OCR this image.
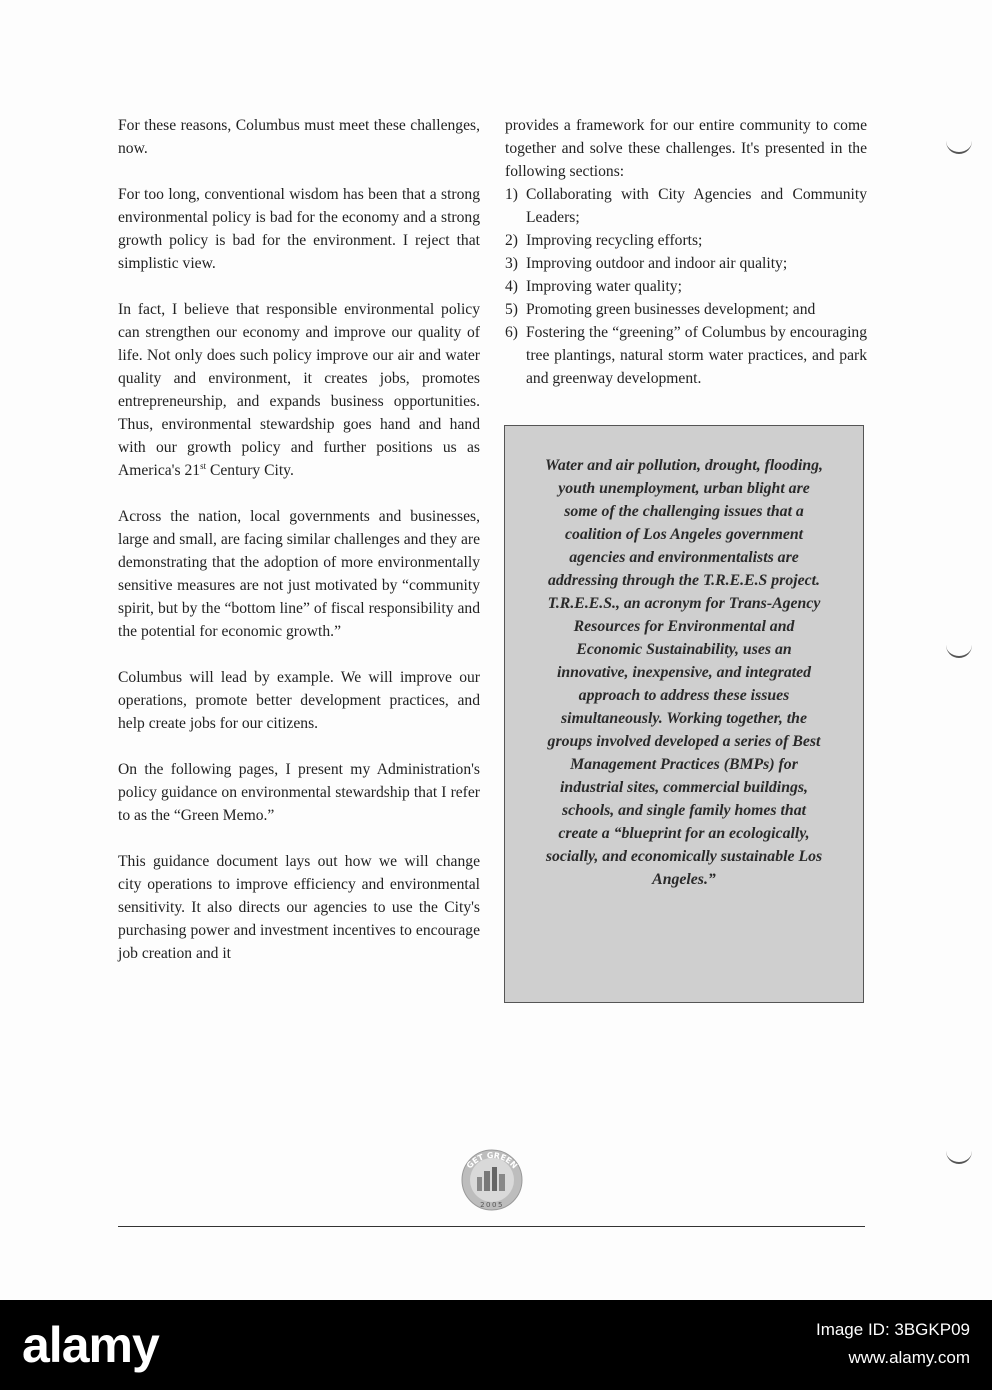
For these reasons, Columbus must meet these challenges, now.

For too long, conventional wisdom has been that a strong environmental policy is bad for the economy and a strong growth policy is bad for the environment. I reject that simplistic view.

In fact, I believe that responsible environmental policy can strengthen our economy and improve our quality of life. Not only does such policy improve our air and water quality and environment, it creates jobs, promotes entrepreneurship, and expands business opportunities. Thus, environmental stewardship goes hand and hand with our growth policy and further positions us as America's 21st Century City.

Across the nation, local governments and businesses, large and small, are facing similar challenges and they are demonstrating that the adoption of more environmentally sensitive measures are not just motivated by “community spirit, but by the “bottom line” of fiscal responsibility and the potential for economic growth.”

Columbus will lead by example. We will improve our operations, promote better development practices, and help create jobs for our citizens.

On the following pages, I present my Administration's policy guidance on environmental stewardship that I refer to as the “Green Memo.”

This guidance document lays out how we will change city operations to improve efficiency and environmental sensitivity. It also directs our agencies to use the City's purchasing power and investment incentives to encourage job creation and it

provides a framework for our entire community to come together and solve these challenges. It's presented in the following sections:

1) Collaborating with City Agencies and Community Leaders;
2) Improving recycling efforts;
3) Improving outdoor and indoor air quality;
4) Improving water quality;
5) Promoting green businesses development; and
6) Fostering the “greening” of Columbus by encouraging tree plantings, natural storm water practices, and park and greenway development.
Water and air pollution, drought, flooding, youth unemployment, urban blight are some of the challenging issues that a coalition of Los Angeles government agencies and environmentalists are addressing through the T.R.E.E.S project. T.R.E.E.S., an acronym for Trans-Agency Resources for Environmental and Economic Sustainability, uses an innovative, inexpensive, and integrated approach to address these issues simultaneously. Working together, the groups involved developed a series of Best Management Practices (BMPs) for industrial sites, commercial buildings, schools, and single family homes that create a “blueprint for an ecologically, socially, and economically sustainable Los Angeles.”
GET GREEN
2005
alamy	Image ID: 3BGKP09
www.alamy.com
